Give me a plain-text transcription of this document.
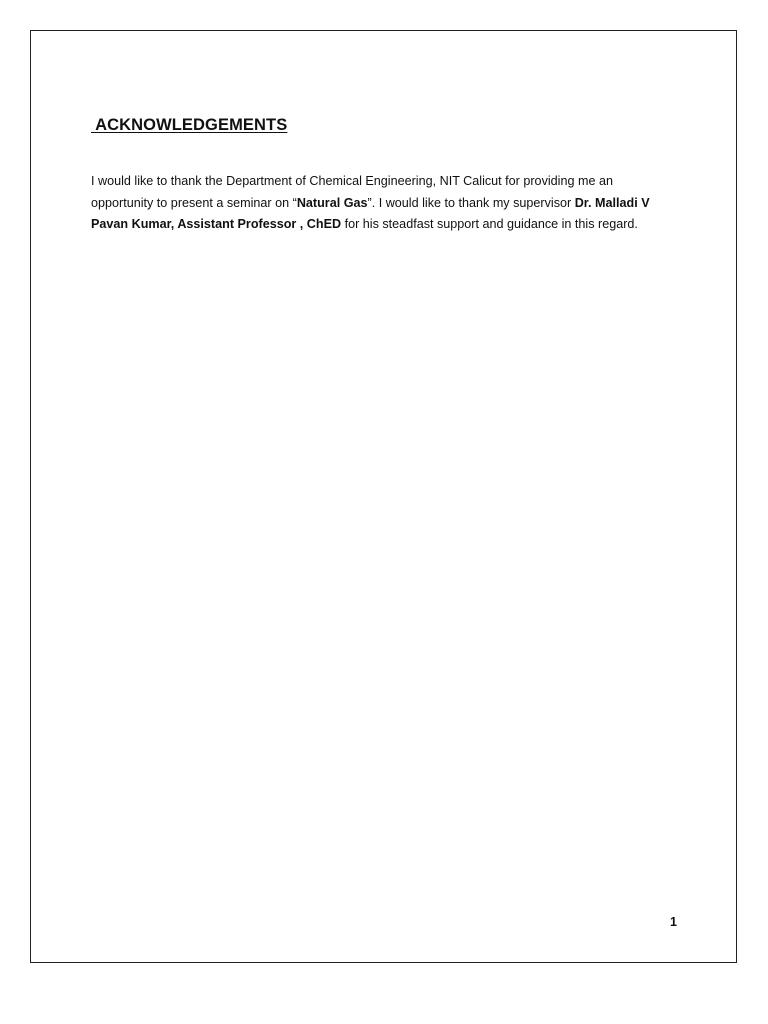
ACKNOWLEDGEMENTS

I would like to thank the Department of Chemical Engineering, NIT Calicut for providing me an opportunity to present a seminar on “Natural Gas”. I would like to thank my supervisor Dr. Malladi V Pavan Kumar, Assistant Professor , ChED for his steadfast support and guidance in this regard.

1
